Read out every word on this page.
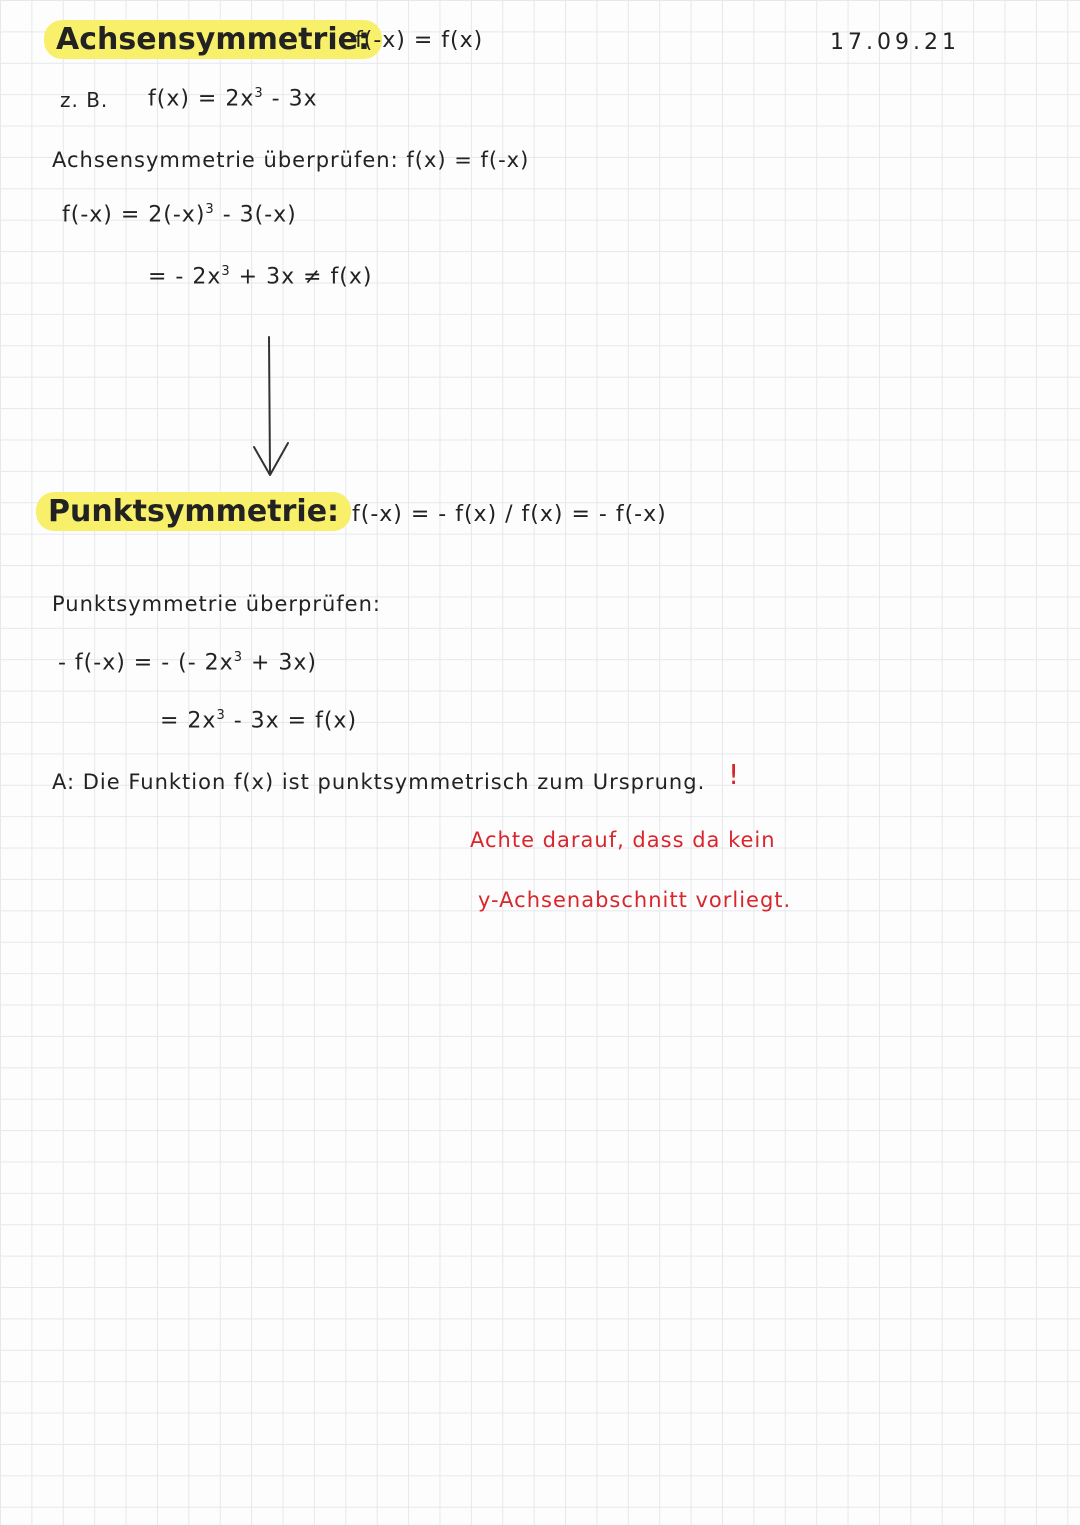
Achsensymmetrie:
f(-x) = f(x)	17.09.21
z. B. $f(x) = 2x^3 - 3x$
Achsensymmetrie überprüfen: f(x) = f(-x)
$f(-x) = 2(-x)^3 - 3(-x)$
= - $2x^3 + 3x \ne f(x)$
Punktsymmetrie: f(-x) = - f(x) / f(x) = - f(-x)
Punktsymmetrie überprüfen:
- f(-x) = - (- $2x^3 + 3x$)
= $2x^3 - 3x = f(x)$
A: Die Funktion f(x) ist punktsymmetrisch zum Ursprung. !
Achte darauf, dass da kein
y-Achsenabschnitt vorliegt.
